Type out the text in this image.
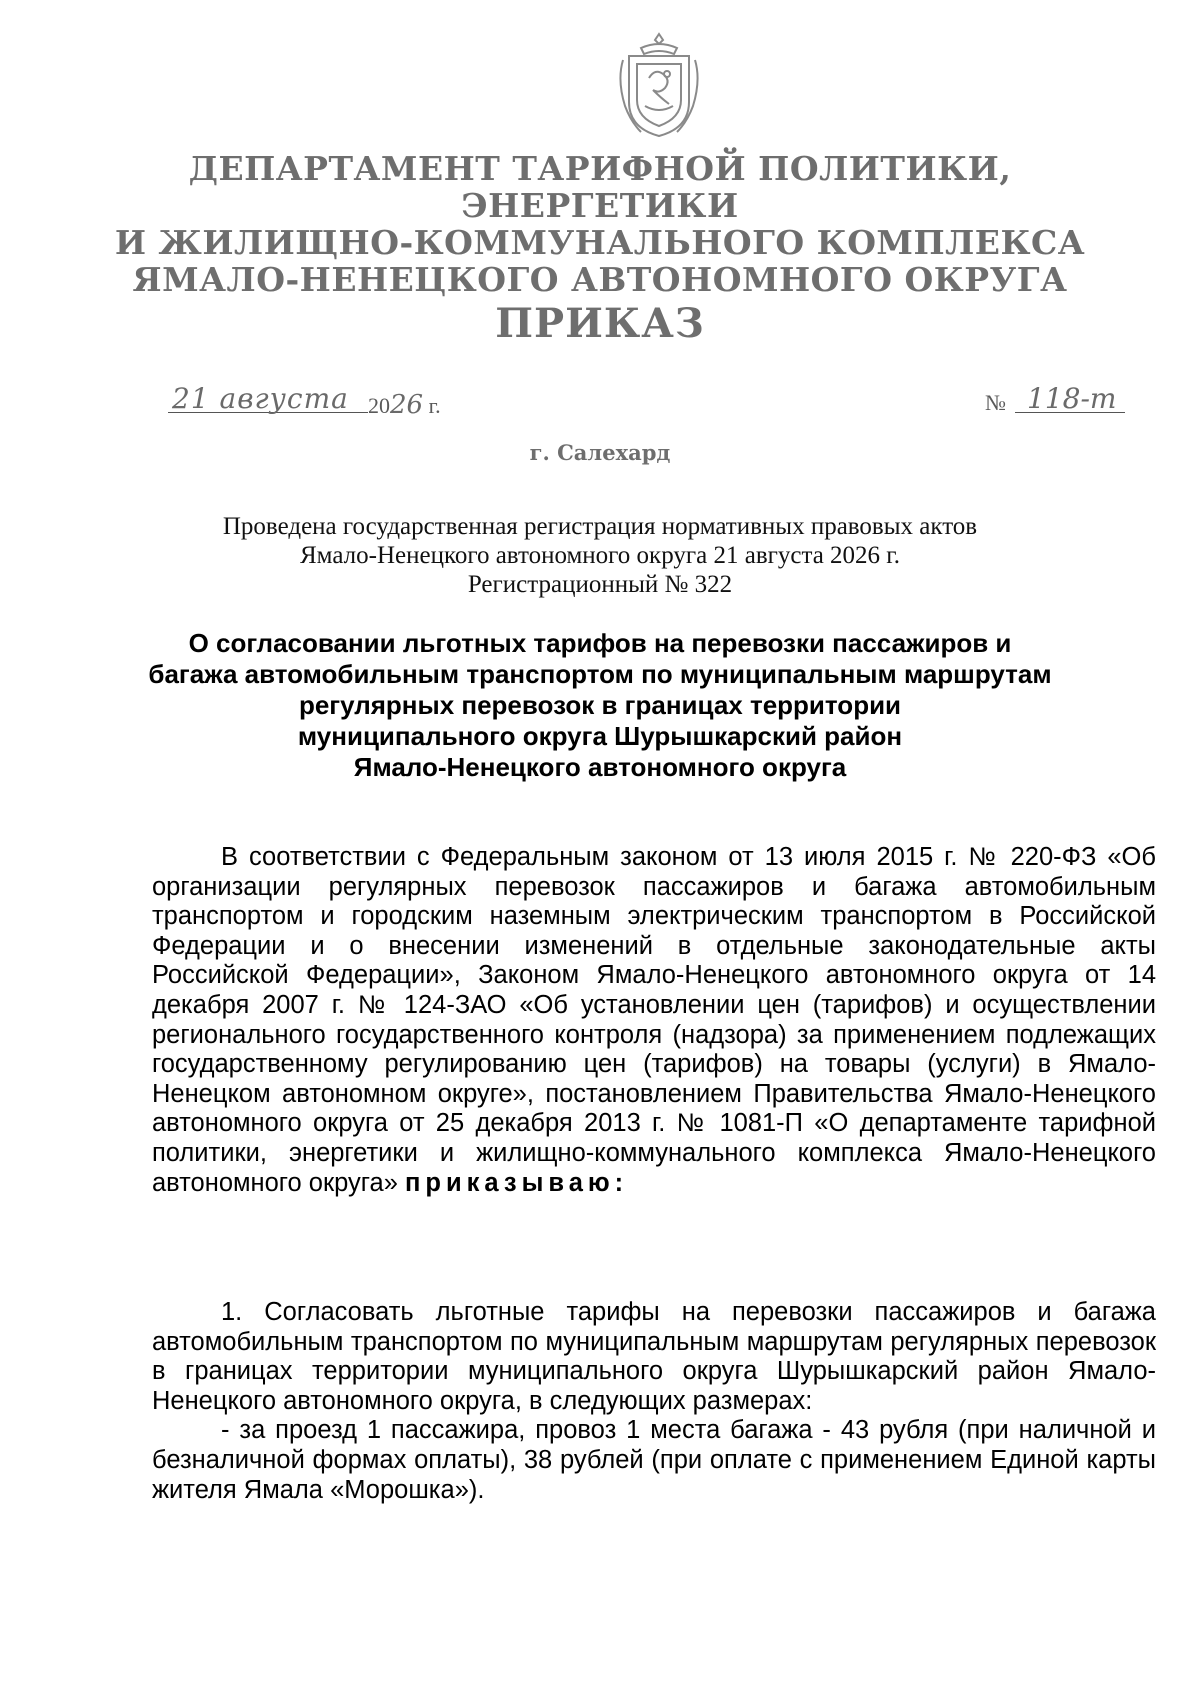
ДЕПАРТАМЕНТ ТАРИФНОЙ ПОЛИТИКИ, ЭНЕРГЕТИКИ
И ЖИЛИЩНО-КОММУНАЛЬНОГО КОМПЛЕКСА
ЯМАЛО-НЕНЕЦКОГО АВТОНОМНОГО ОКРУГА
ПРИКАЗ
21 августа 2026 г.	№ 118-т
г. Салехард
Проведена государственная регистрация нормативных правовых актов
Ямало-Ненецкого автономного округа 21 августа 2026 г.
Регистрационный № 322
О согласовании льготных тарифов на перевозки пассажиров и
багажа автомобильным транспортом по муниципальным маршрутам
регулярных перевозок в границах территории
муниципального округа Шурышкарский район
Ямало-Ненецкого автономного округа

В соответствии с Федеральным законом от 13 июля 2015 г. № 220-ФЗ «Об организации регулярных перевозок пассажиров и багажа автомобильным транспортом и городским наземным электрическим транспортом в Российской Федерации и о внесении изменений в отдельные законодательные акты Российской Федерации», Законом Ямало-Ненецкого автономного округа от 14 декабря 2007 г. № 124-ЗАО «Об установлении цен (тарифов) и осуществлении регионального государственного контроля (надзора) за применением подлежащих государственному регулированию цен (тарифов) на товары (услуги) в Ямало-Ненецком автономном округе», постановлением Правительства Ямало-Ненецкого автономного округа от 25 декабря 2013 г. № 1081-П «О департаменте тарифной политики, энергетики и жилищно-коммунального комплекса Ямало-Ненецкого автономного округа» приказываю:

1. Согласовать льготные тарифы на перевозки пассажиров и багажа автомобильным транспортом по муниципальным маршрутам регулярных перевозок в границах территории муниципального округа Шурышкарский район Ямало-Ненецкого автономного округа, в следующих размерах:

- за проезд 1 пассажира, провоз 1 места багажа - 43 рубля (при наличной и безналичной формах оплаты), 38 рублей (при оплате с применением Единой карты жителя Ямала «Морошка»).
